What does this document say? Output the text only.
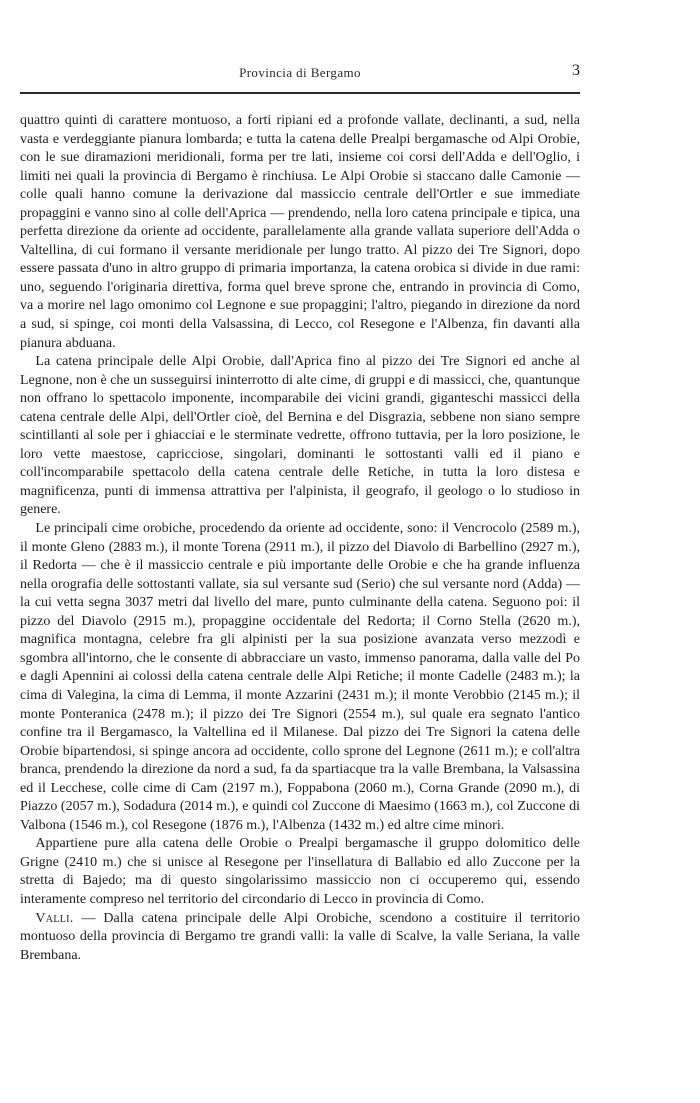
Provincia di Bergamo	3

quattro quinti di carattere montuoso, a forti ripiani ed a profonde vallate, declinanti, a sud, nella vasta e verdeggiante pianura lombarda; e tutta la catena delle Prealpi bergamasche od Alpi Orobie, con le sue diramazioni meridionali, forma per tre lati, insieme coi corsi dell'Adda e dell'Oglio, i limiti nei quali la provincia di Bergamo è rinchiusa. Le Alpi Orobie si staccano dalle Camonie — colle quali hanno comune la derivazione dal massiccio centrale dell'Ortler e sue immediate propaggini e vanno sino al colle dell'Aprica — prendendo, nella loro catena principale e tipica, una perfetta direzione da oriente ad occidente, parallelamente alla grande vallata superiore dell'Adda o Valtellina, di cui formano il versante meridionale per lungo tratto. Al pizzo dei Tre Signori, dopo essere passata d'uno in altro gruppo di primaria importanza, la catena orobica si divide in due rami: uno, seguendo l'originaria direttiva, forma quel breve sprone che, entrando in provincia di Como, va a morire nel lago omonimo col Legnone e sue propaggini; l'altro, piegando in direzione da nord a sud, si spinge, coi monti della Valsassina, di Lecco, col Resegone e l'Albenza, fin davanti alla pianura abduana.

La catena principale delle Alpi Orobie, dall'Aprica fino al pizzo dei Tre Signori ed anche al Legnone, non è che un susseguirsi ininterrotto di alte cime, di gruppi e di massicci, che, quantunque non offrano lo spettacolo imponente, incomparabile dei vicini grandi, giganteschi massicci della catena centrale delle Alpi, dell'Ortler cioè, del Bernina e del Disgrazia, sebbene non siano sempre scintillanti al sole per i ghiacciai e le sterminate vedrette, offrono tuttavia, per la loro posizione, le loro vette maestose, capricciose, singolari, dominanti le sottostanti valli ed il piano e coll'incomparabile spettacolo della catena centrale delle Retiche, in tutta la loro distesa e magnificenza, punti di immensa attrattiva per l'alpinista, il geografo, il geologo o lo studioso in genere.

Le principali cime orobiche, procedendo da oriente ad occidente, sono: il Vencrocolo (2589 m.), il monte Gleno (2883 m.), il monte Torena (2911 m.), il pizzo del Diavolo di Barbellino (2927 m.), il Redorta — che è il massiccio centrale e più importante delle Orobie e che ha grande influenza nella orografia delle sottostanti vallate, sia sul versante sud (Serio) che sul versante nord (Adda) — la cui vetta segna 3037 metri dal livello del mare, punto culminante della catena. Seguono poi: il pizzo del Diavolo (2915 m.), propaggine occidentale del Redorta; il Corno Stella (2620 m.), magnifica montagna, celebre fra gli alpinisti per la sua posizione avanzata verso mezzodì e sgombra all'intorno, che le consente di abbracciare un vasto, immenso panorama, dalla valle del Po e dagli Apennini ai colossi della catena centrale delle Alpi Retiche; il monte Cadelle (2483 m.); la cima di Valegina, la cima di Lemma, il monte Azzarini (2431 m.); il monte Verobbio (2145 m.); il monte Ponteranica (2478 m.); il pizzo dei Tre Signori (2554 m.), sul quale era segnato l'antico confine tra il Bergamasco, la Valtellina ed il Milanese. Dal pizzo dei Tre Signori la catena delle Orobie bipartendosi, si spinge ancora ad occidente, collo sprone del Legnone (2611 m.); e coll'altra branca, prendendo la direzione da nord a sud, fa da spartiacque tra la valle Brembana, la Valsassina ed il Lecchese, colle cime di Cam (2197 m.), Foppabona (2060 m.), Corna Grande (2090 m.), di Piazzo (2057 m.), Sodadura (2014 m.), e quindi col Zuccone di Maesimo (1663 m.), col Zuccone di Valbona (1546 m.), col Resegone (1876 m.), l'Albenza (1432 m.) ed altre cime minori.

Appartiene pure alla catena delle Orobie o Prealpi bergamasche il gruppo dolomitico delle Grigne (2410 m.) che si unisce al Resegone per l'insellatura di Ballabio ed allo Zuccone per la stretta di Bajedo; ma di questo singolarissimo massiccio non ci occuperemo qui, essendo interamente compreso nel territorio del circondario di Lecco in provincia di Como.

Valli. — Dalla catena principale delle Alpi Orobiche, scendono a costituire il territorio montuoso della provincia di Bergamo tre grandi valli: la valle di Scalve, la valle Seriana, la valle Brembana.
